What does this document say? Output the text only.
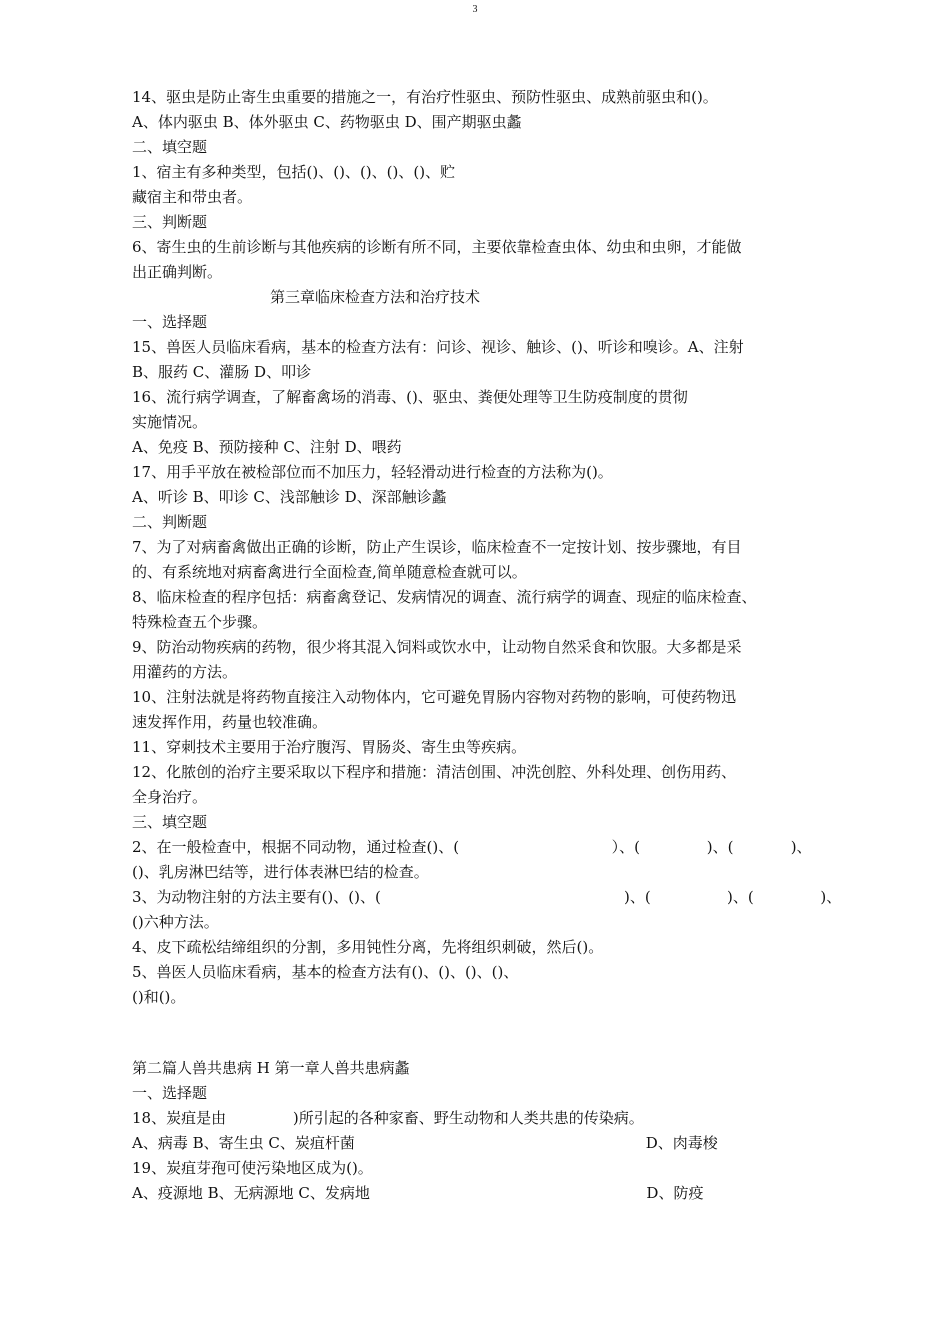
3
14、驱虫是防止寄生虫重要的措施之一，有治疗性驱虫、预防性驱虫、成熟前驱虫和()。
A、体内驱虫 B、体外驱虫 C、药物驱虫 D、围产期驱虫蠡
二、填空题
1、宿主有多种类型，包括()、()、()、()、()、贮
藏宿主和带虫者。
三、判断题
6、寄生虫的生前诊断与其他疾病的诊断有所不同，主要依靠检查虫体、幼虫和虫卵，才能做
出正确判断。
第三章临床检查方法和治疗技术
一、选择题
15、兽医人员临床看病，基本的检查方法有：问诊、视诊、触诊、()、听诊和嗅诊。A、注射
B、服药 C、灌肠 D、叩诊
16、流行病学调查，了解畜禽场的消毒、()、驱虫、粪便处理等卫生防疫制度的贯彻
实施情况。
A、免疫 B、预防接种 C、注射 D、喂药
17、用手平放在被检部位而不加压力，轻轻滑动进行检查的方法称为()。
A、听诊 B、叩诊 C、浅部触诊 D、深部触诊蠡
二、判断题
7、为了对病畜禽做出正确的诊断，防止产生误诊，临床检查不一定按计划、按步骤地，有目
的、有系统地对病畜禽进行全面检查,简单随意检查就可以。
8、临床检查的程序包括：病畜禽登记、发病情况的调查、流行病学的调查、现症的临床检查、
特殊检查五个步骤。
9、防治动物疾病的药物，很少将其混入饲料或饮水中，让动物自然采食和饮服。大多都是采
用灌药的方法。
10、注射法就是将药物直接注入动物体内，它可避免胃肠内容物对药物的影响，可使药物迅
速发挥作用，药量也较准确。
11、穿刺技术主要用于治疗腹泻、胃肠炎、寄生虫等疾病。
12、化脓创的治疗主要采取以下程序和措施：清洁创围、冲洗创腔、外科处理、创伤用药、
全身治疗。
三、填空题
2、在一般检查中，根据不同动物，通过检查()、(                                ）、(              )、(            )、
()、乳房淋巴结等，进行体表淋巴结的检查。
3、为动物注射的方法主要有()、()、(                                                   )、(                )、(              )、
()六种方法。
4、皮下疏松结缔组织的分割，多用钝性分离，先将组织刺破，然后()。
5、兽医人员临床看病，基本的检查方法有()、()、()、()、
()和()。
第二篇人兽共患病 H 第一章人兽共患病蠡
一、选择题
18、炭疽是由              )所引起的各种家畜、野生动物和人类共患的传染病。
A、病毒 B、寄生虫 C、炭疽杆菌                                                             D、肉毒梭
19、炭疽芽孢可使污染地区成为()。
A、疫源地 B、无病源地 C、发病地                                                          D、防疫
